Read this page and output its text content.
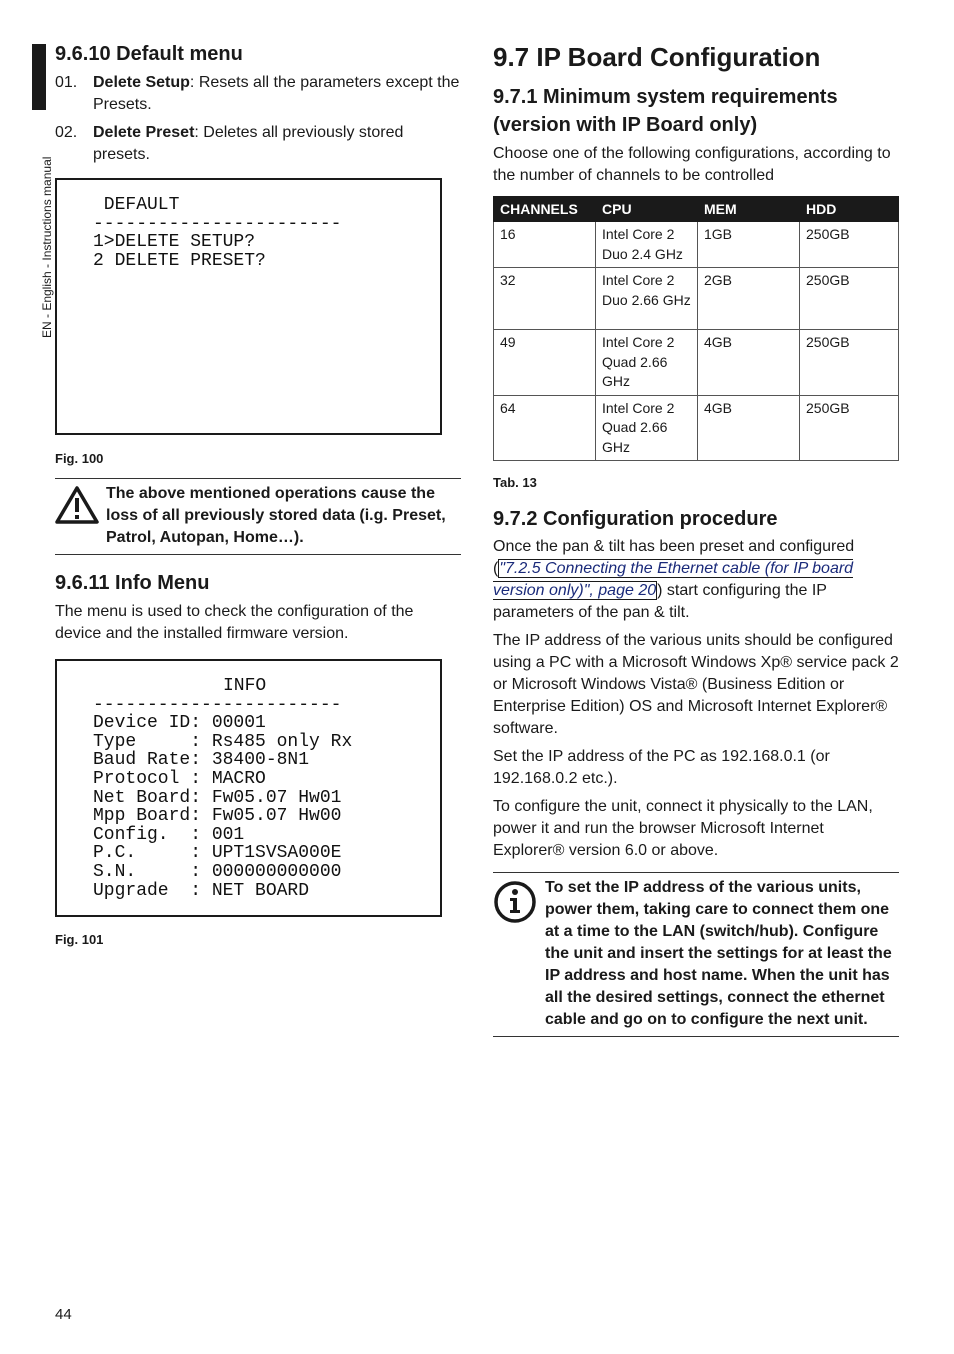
EN - English - Instructions manual
44
9.6.10 Default menu
01. Delete Setup: Resets all the parameters except the Presets.
02. Delete Preset: Deletes all previously stored presets.
DEFAULT
-----------------------
1>DELETE SETUP?
2 DELETE PRESET?
Fig. 100
The above mentioned operations cause the loss of all previously stored data (i.g. Preset, Patrol, Autopan, Home…).
9.6.11 Info Menu

The menu is used to check the configuration of the device and the installed firmware version.

INFO
-----------------------
Device ID: 00001
Type     : Rs485 only Rx
Baud Rate: 38400-8N1
Protocol : MACRO
Net Board: Fw05.07 Hw01
Mpp Board: Fw05.07 Hw00
Config.  : 001
P.C.     : UPT1SVSA000E
S.N.     : 000000000000
Upgrade  : NET BOARD
Fig. 101
9.7 IP Board Configuration
9.7.1 Minimum system requirements (version with IP Board only)

Choose one of the following configurations, according to the number of channels to be controlled

CHANNELS	CPU	MEM	HDD
16	Intel Core 2 Duo 2.4 GHz	1GB	250GB
32	Intel Core 2 Duo 2.66 GHz	2GB	250GB
49	Intel Core 2 Quad 2.66 GHz	4GB	250GB
64	Intel Core 2 Quad 2.66 GHz	4GB	250GB
Tab. 13
9.7.2 Configuration procedure

Once the pan & tilt has been preset and configured ("7.2.5 Connecting the Ethernet cable (for IP board version only)", page 20) start configuring the IP parameters of the pan & tilt.

The IP address of the various units should be configured using a PC with a Microsoft Windows Xp® service pack 2 or Microsoft Windows Vista® (Business Edition or Enterprise Edition) OS and Microsoft Internet Explorer® software.

Set the IP address of the PC as 192.168.0.1 (or 192.168.0.2 etc.).

To configure the unit, connect it physically to the LAN, power it and run the browser Microsoft Internet Explorer® version 6.0 or above.

To set the IP address of the various units, power them, taking care to connect them one at a time to the LAN (switch/hub). Configure the unit and insert the settings for at least the IP address and host name. When the unit has all the desired settings, connect the ethernet cable and go on to configure the next unit.
